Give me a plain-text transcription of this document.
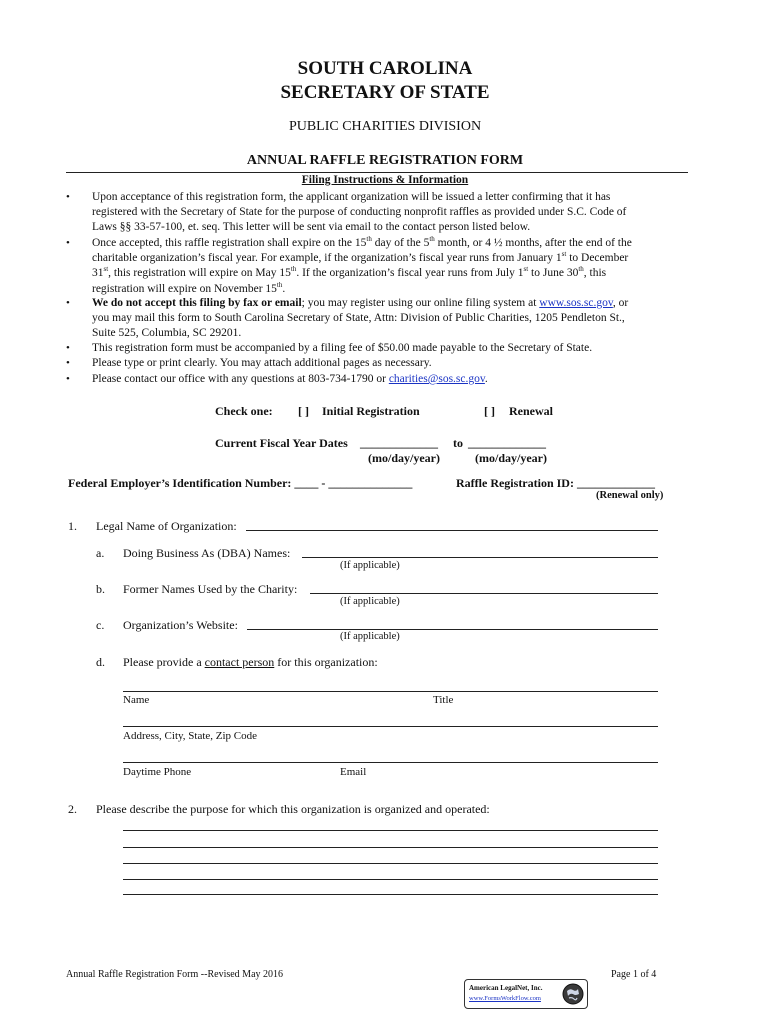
SOUTH CAROLINA
SECRETARY OF STATE
PUBLIC CHARITIES DIVISION
ANNUAL RAFFLE REGISTRATION FORM
Filing Instructions & Information
• Upon acceptance of this registration form, the applicant organization will be issued a letter confirming that it has
registered with the Secretary of State for the purpose of conducting nonprofit raffles as provided under S.C. Code of
Laws §§ 33-57-100, et. seq. This letter will be sent via email to the contact person listed below.
• Once accepted, this raffle registration shall expire on the 15th day of the 5th month, or 4 ½ months, after the end of the
charitable organization’s fiscal year. For example, if the organization’s fiscal year runs from January 1st to December
31st, this registration will expire on May 15th. If the organization’s fiscal year runs from July 1st to June 30th, this
registration will expire on November 15th.
• We do not accept this filing by fax or email; you may register using our online filing system at www.sos.sc.gov, or
you may mail this form to South Carolina Secretary of State, Attn: Division of Public Charities, 1205 Pendleton St.,
Suite 525, Columbia, SC 29201.
• This registration form must be accompanied by a filing fee of $50.00 made payable to the Secretary of State.
• Please type or print clearly. You may attach additional pages as necessary.
• Please contact our office with any questions at 803-734-1790 or charities@sos.sc.gov.
Check one: [ ] Initial Registration	[ ] Renewal
Current Fiscal Year Dates _____________ to _____________
(mo/day/year)	(mo/day/year)
Federal Employer’s Identification Number: ____ - ______________	Raffle Registration ID: _____________
(Renewal only)
1. Legal Name of Organization:
a. Doing Business As (DBA) Names:
(If applicable)
b. Former Names Used by the Charity:
(If applicable)
c. Organization’s Website:
(If applicable)
d. Please provide a contact person for this organization:
Name	Title
Address, City, State, Zip Code
Daytime Phone	Email
2. Please describe the purpose for which this organization is organized and operated:
Annual Raffle Registration Form --Revised May 2016	Page 1 of 4
American LegalNet, Inc.
www.FormsWorkFlow.com
